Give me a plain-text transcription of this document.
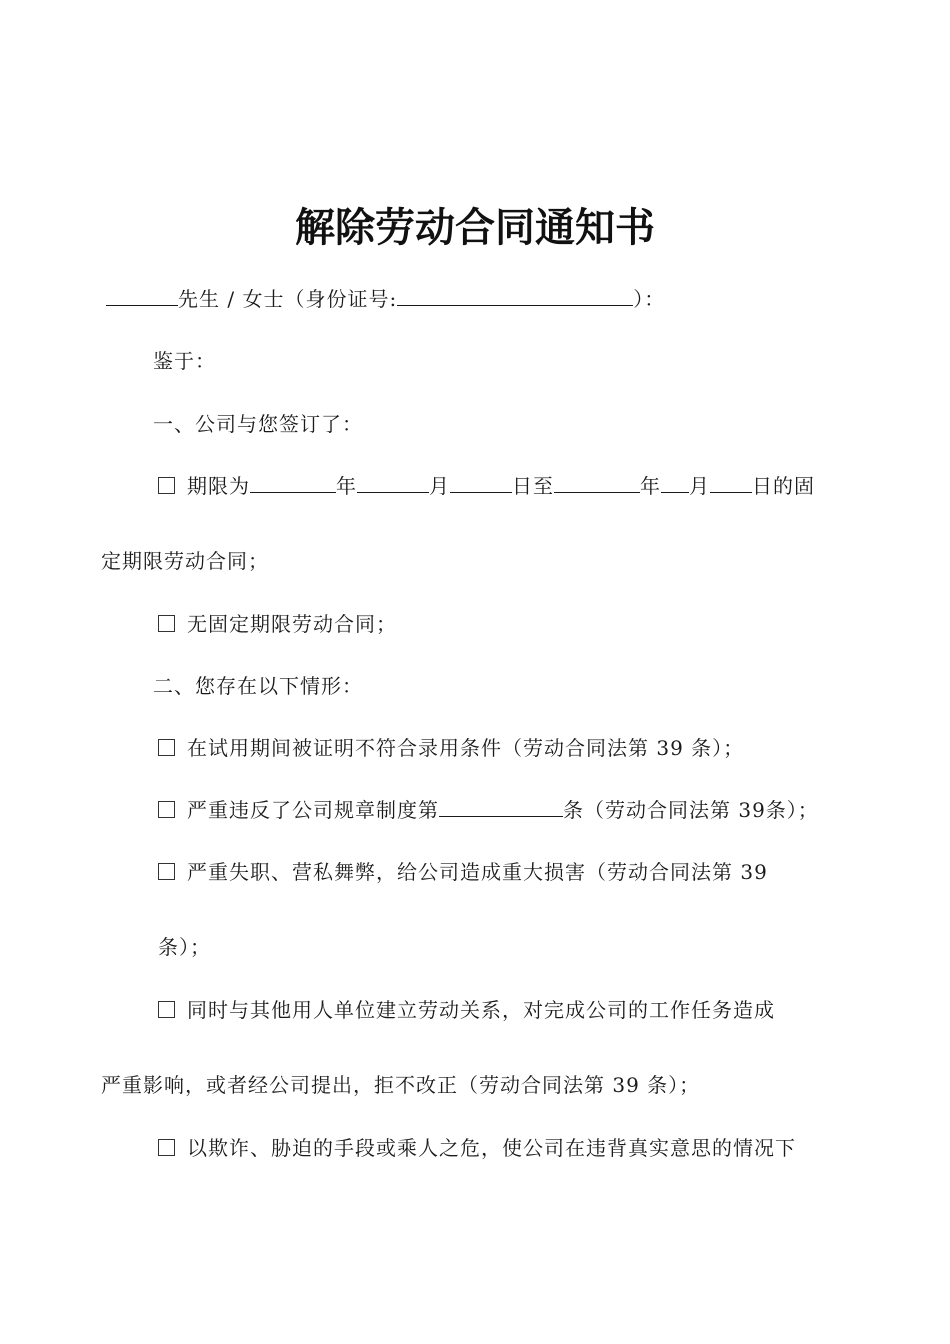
解除劳动合同通知书
先生 / 女士（身份证号:	）：
鉴于：
一、公司与您签订了：
期限为	年	月	日至	年 月 日的固
定期限劳动合同；
无固定期限劳动合同；
二、您存在以下情形：
在试用期间被证明不符合录用条件（劳动合同法第 39 条）；
严重违反了公司规章制度第	条（劳动合同法第 39条）；
严重失职、营私舞弊，给公司造成重大损害（劳动合同法第 39
条）；
同时与其他用人单位建立劳动关系，对完成公司的工作任务造成
严重影响，或者经公司提出，拒不改正（劳动合同法第 39 条）；
以欺诈、胁迫的手段或乘人之危，使公司在违背真实意思的情况下
